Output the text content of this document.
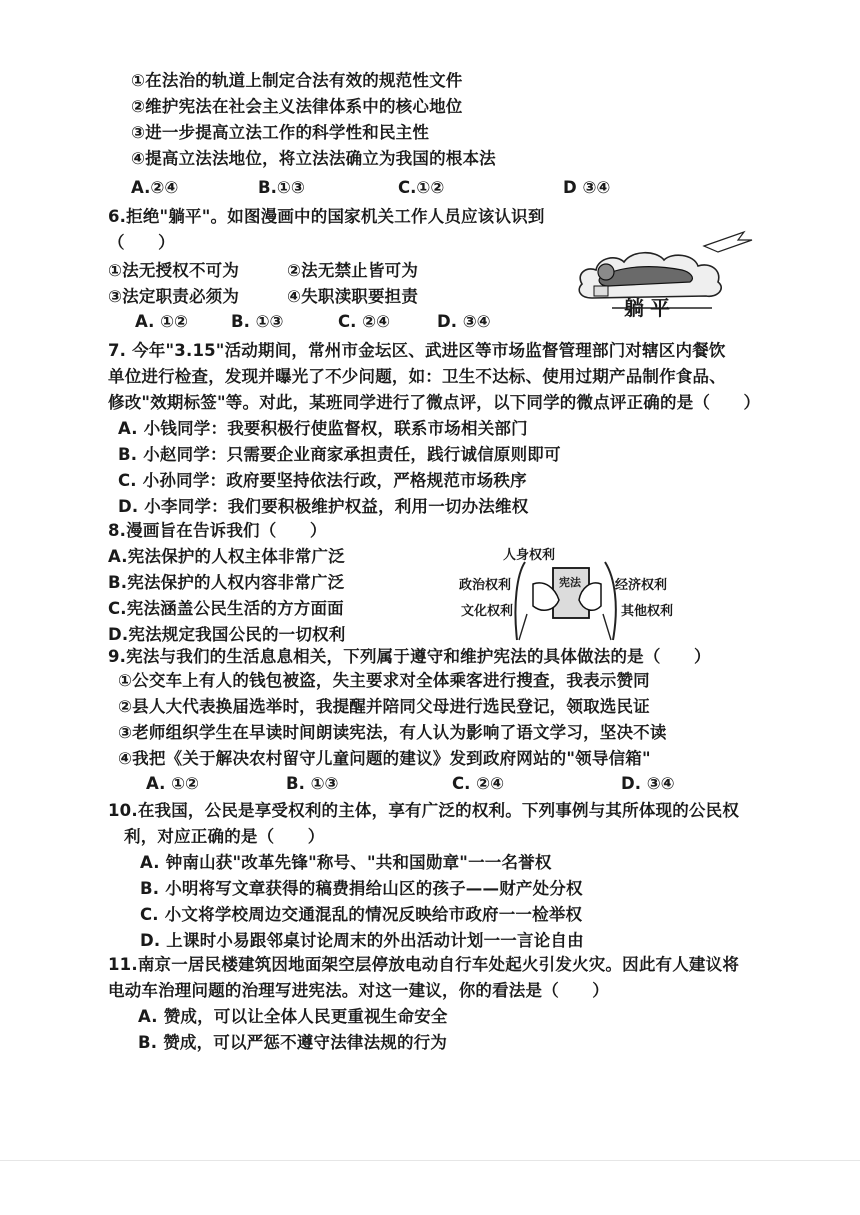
①在法治的轨道上制定合法有效的规范性文件
②维护宪法在社会主义法律体系中的核心地位
③进一步提高立法工作的科学性和民主性
④提高立法法地位，将立法法确立为我国的根本法
A.②④	B.①③	C.①②	D ③④
6.拒绝"躺平"。如图漫画中的国家机关工作人员应该认识到
（　　）
①法无授权不可为	②法无禁止皆可为
③法定职责必须为	④失职渎职要担责
A. ①②	B. ①③	C. ②④	D. ③④
躺平
7. 今年"3.15"活动期间，常州市金坛区、武进区等市场监督管理部门对辖区内餐饮
单位进行检查，发现并曝光了不少问题，如：卫生不达标、使用过期产品制作食品、
修改"效期标签"等。对此，某班同学进行了微点评，以下同学的微点评正确的是（　　）
A. 小钱同学：我要积极行使监督权，联系市场相关部门
B. 小赵同学：只需要企业商家承担责任，践行诚信原则即可
C. 小孙同学：政府要坚持依法行政，严格规范市场秩序
D. 小李同学：我们要积极维护权益，利用一切办法维权
8.漫画旨在告诉我们（　　）
A.宪法保护的人权主体非常广泛
B.宪法保护的人权内容非常广泛
C.宪法涵盖公民生活的方方面面
D.宪法规定我国公民的一切权利
人身权利
政治权利
文化权利
经济权利
其他权利
宪法
9.宪法与我们的生活息息相关，下列属于遵守和维护宪法的具体做法的是（　　）
①公交车上有人的钱包被盗，失主要求对全体乘客进行搜查，我表示赞同
②县人大代表换届选举时，我提醒并陪同父母进行选民登记，领取选民证
③老师组织学生在早读时间朗读宪法，有人认为影响了语文学习，坚决不读
④我把《关于解决农村留守儿童问题的建议》发到政府网站的"领导信箱"
A. ①②	B. ①③	C. ②④	D. ③④
10.在我国，公民是享受权利的主体，享有广泛的权利。下列事例与其所体现的公民权
利，对应正确的是（　　）
A. 钟南山获"改革先锋"称号、"共和国勋章"一一名誉权
B. 小明将写文章获得的稿费捐给山区的孩子——财产处分权
C. 小文将学校周边交通混乱的情况反映给市政府一一检举权
D. 上课时小易跟邻桌讨论周末的外出活动计划一一言论自由
11.南京一居民楼建筑因地面架空层停放电动自行车处起火引发火灾。因此有人建议将
电动车治理问题的治理写进宪法。对这一建议，你的看法是（　　）
A. 赞成，可以让全体人民更重视生命安全
B. 赞成，可以严惩不遵守法律法规的行为
